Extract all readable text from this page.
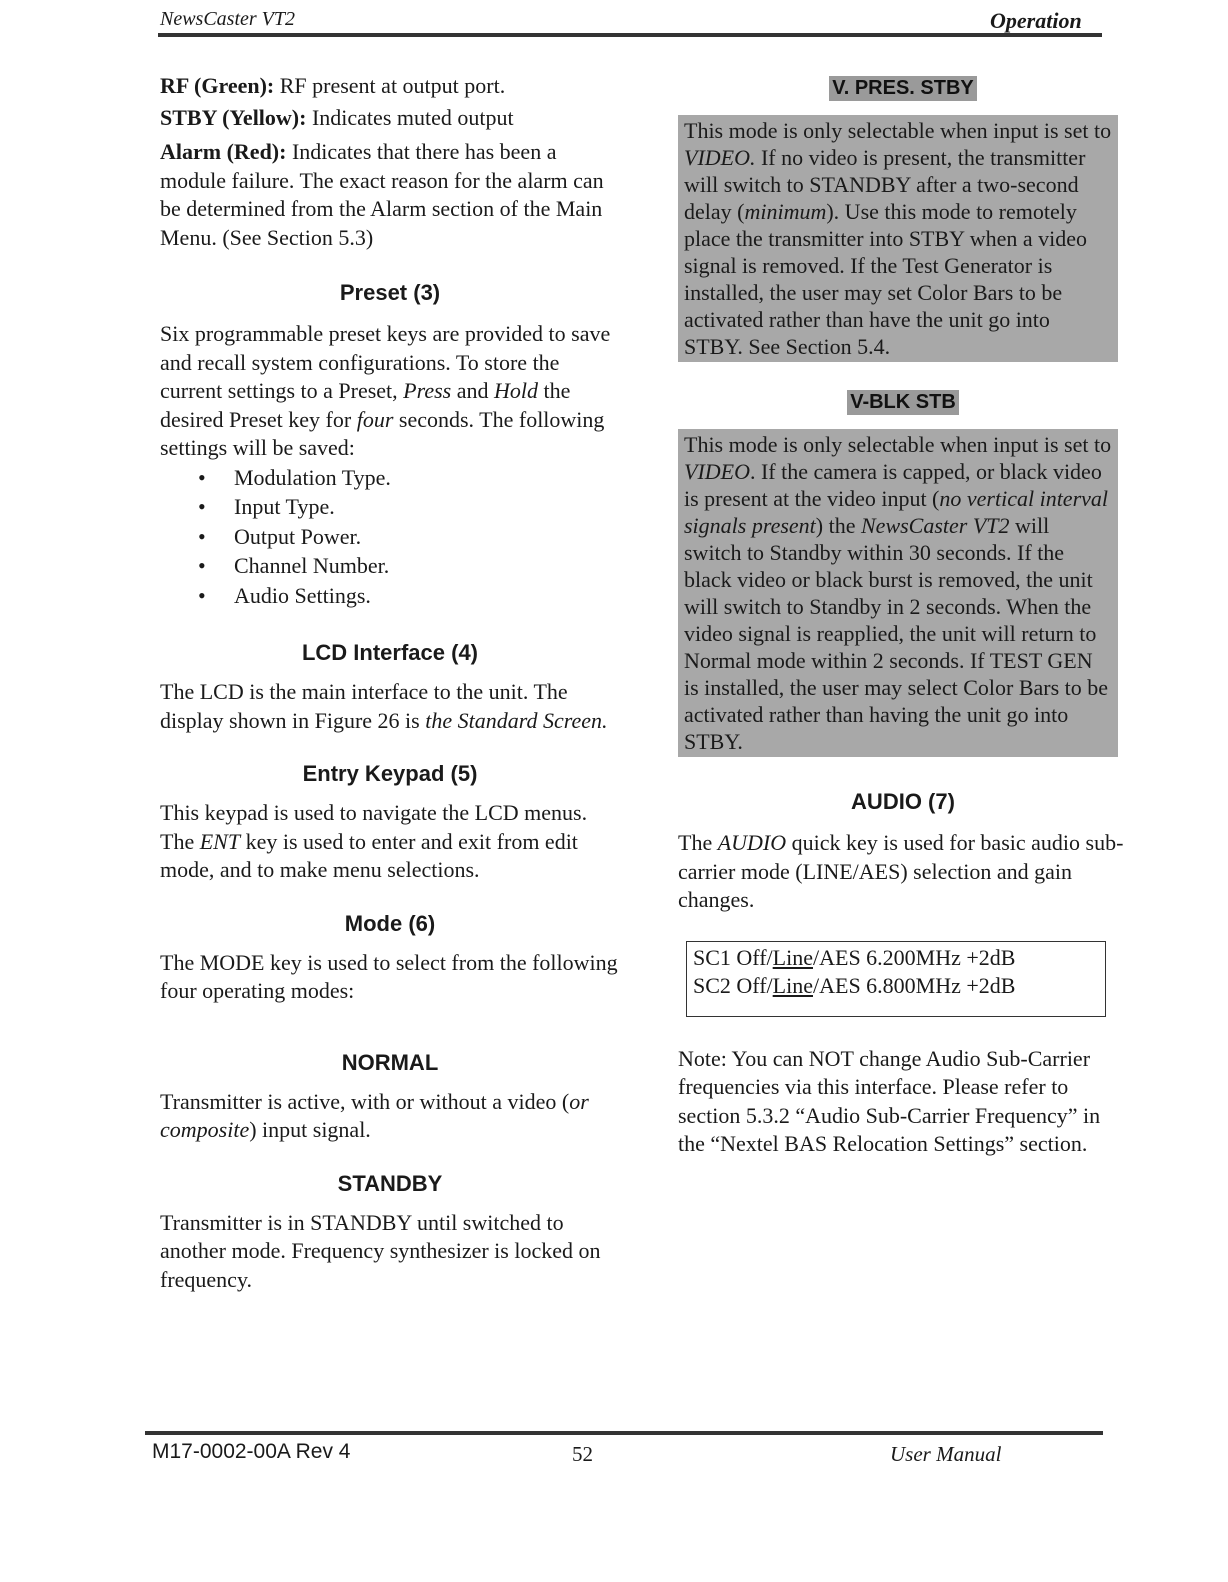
NewsCaster VT2	Operation

RF (Green): RF present at output port.

STBY (Yellow): Indicates muted output

Alarm (Red): Indicates that there has been a module failure. The exact reason for the alarm can be determined from the Alarm section of the Main Menu. (See Section 5.3)

Preset (3)

Six programmable preset keys are provided to save and recall system configurations. To store the current settings to a Preset, Press and Hold the desired Preset key for four seconds. The following settings will be saved:

• Modulation Type.
• Input Type.
• Output Power.
• Channel Number.
• Audio Settings.

LCD Interface (4)

The LCD is the main interface to the unit. The display shown in Figure 26 is the Standard Screen.

Entry Keypad (5)

This keypad is used to navigate the LCD menus. The ENT key is used to enter and exit from edit mode, and to make menu selections.

Mode (6)

The MODE key is used to select from the following four operating modes:

NORMAL

Transmitter is active, with or without a video (or composite) input signal.

STANDBY

Transmitter is in STANDBY until switched to another mode. Frequency synthesizer is locked on frequency.

V. PRES. STBY
This mode is only selectable when input is set to VIDEO. If no video is present, the transmitter will switch to STANDBY after a two-second delay (minimum). Use this mode to remotely place the transmitter into STBY when a video signal is removed. If the Test Generator is installed, the user may set Color Bars to be activated rather than have the unit go into STBY. See Section 5.4.
V-BLK STB
This mode is only selectable when input is set to VIDEO. If the camera is capped, or black video is present at the video input (no vertical interval signals present) the NewsCaster VT2 will switch to Standby within 30 seconds. If the black video or black burst is removed, the unit will switch to Standby in 2 seconds. When the video signal is reapplied, the unit will return to Normal mode within 2 seconds. If TEST GEN is installed, the user may select Color Bars to be activated rather than having the unit go into STBY.

AUDIO (7)

The AUDIO quick key is used for basic audio sub-carrier mode (LINE/AES) selection and gain changes.

SC1 Off/Line/AES 6.200MHz +2dB
SC2 Off/Line/AES 6.800MHz +2dB

Note: You can NOT change Audio Sub-Carrier frequencies via this interface. Please refer to section 5.3.2 “Audio Sub-Carrier Frequency” in the “Nextel BAS Relocation Settings” section.

M17-0002-00A Rev 4	52	User Manual
